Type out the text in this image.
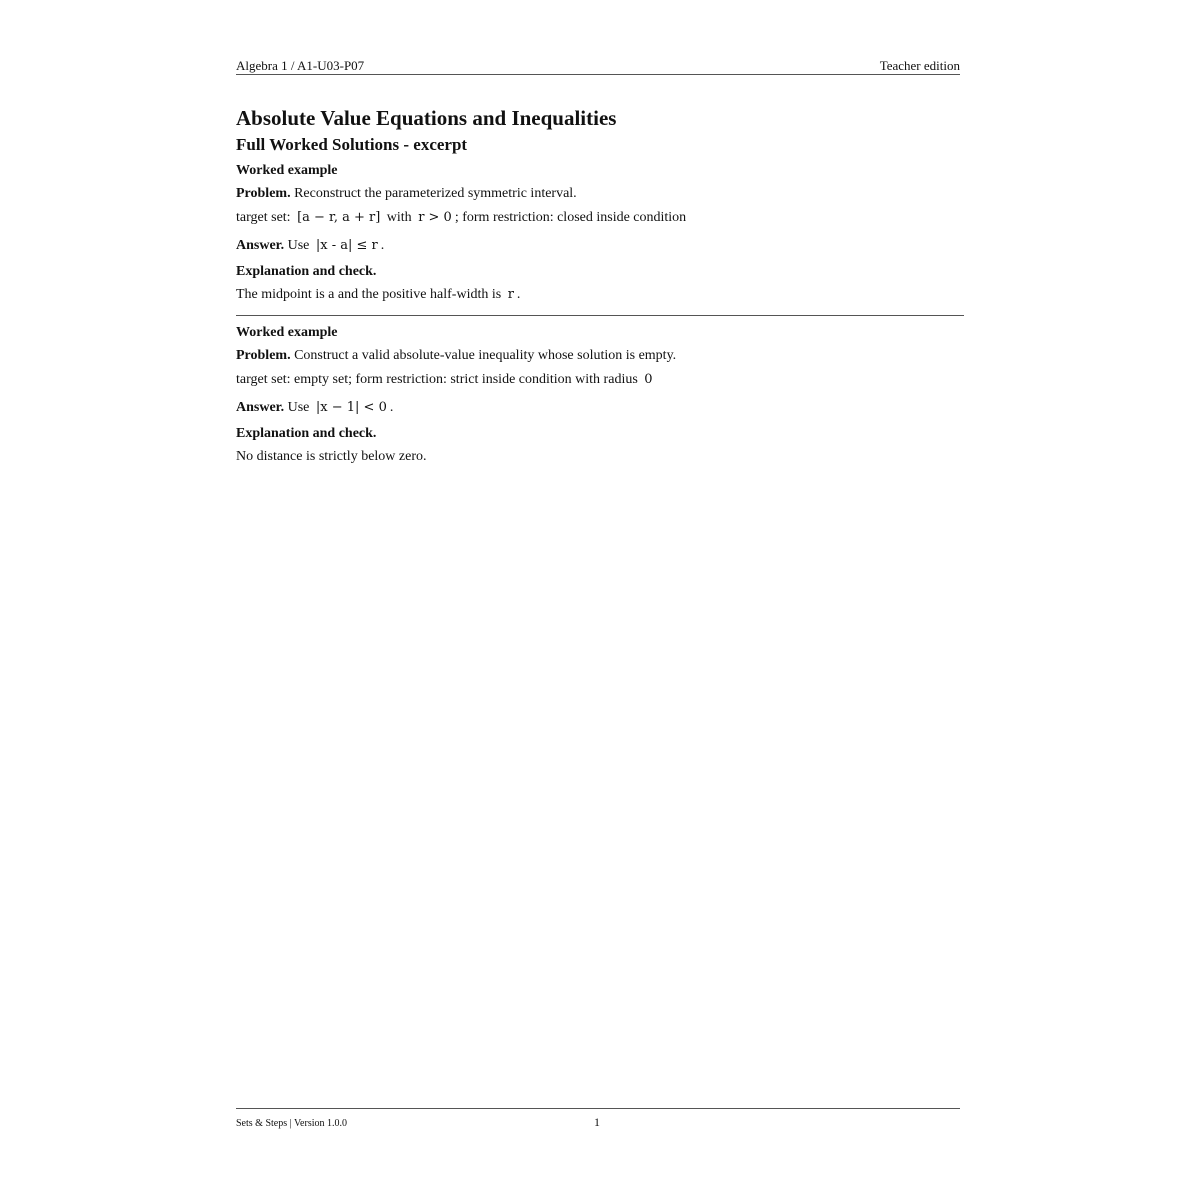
Algebra 1 / A1-U03-P07	Teacher edition
Absolute Value Equations and Inequalities
Full Worked Solutions - excerpt
Worked example
Problem. Reconstruct the parameterized symmetric interval.
target set: [a − r, a + r] with r > 0 ; form restriction: closed inside condition
Answer. Use |x - a| ≤ r .
Explanation and check.
The midpoint is a and the positive half-width is r .
Worked example
Problem. Construct a valid absolute-value inequality whose solution is empty.
target set: empty set; form restriction: strict inside condition with radius 0
Answer. Use |x − 1| < 0 .
Explanation and check.
No distance is strictly below zero.
Sets & Steps | Version 1.0.0	1
